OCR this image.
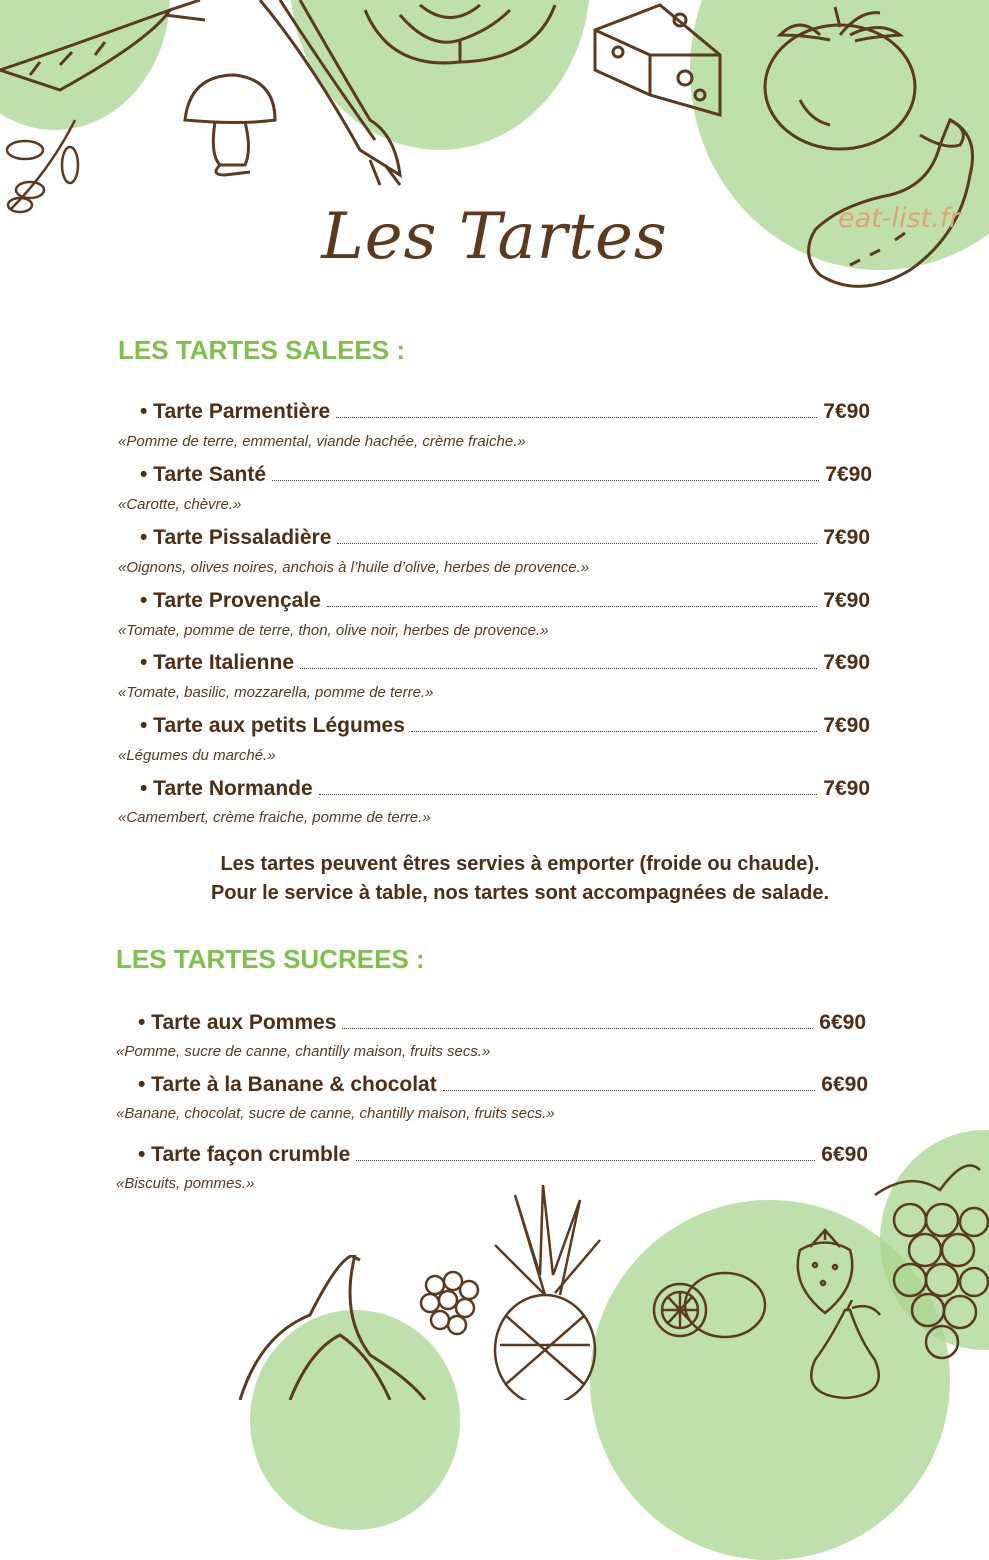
Les Tartes	eat-list.fr
LES TARTES SALEES :
• Tarte Parmentière	7€90
«Pomme de terre, emmental, viande hachée, crème fraiche.»
• Tarte Santé	7€90
«Carotte, chèvre.»
• Tarte Pissaladière	7€90
«Oignons, olives noires, anchois à l’huile d’olive, herbes de provence.»
• Tarte Provençale	7€90
«Tomate, pomme de terre, thon, olive noir, herbes de provence.»
• Tarte Italienne	7€90
«Tomate, basilic, mozzarella, pomme de terre.»
• Tarte aux petits Légumes	7€90
«Légumes du marché.»
• Tarte Normande	7€90
«Camembert, crème fraiche, pomme de terre.»
Les tartes peuvent êtres servies à emporter (froide ou chaude).
Pour le service à table, nos tartes sont accompagnées de salade.
LES TARTES SUCREES :
• Tarte aux Pommes	6€90
«Pomme, sucre de canne, chantilly maison, fruits secs.»
• Tarte à la Banane & chocolat	6€90
«Banane, chocolat, sucre de canne, chantilly maison, fruits secs.»
• Tarte façon crumble	6€90
«Biscuits, pommes.»
